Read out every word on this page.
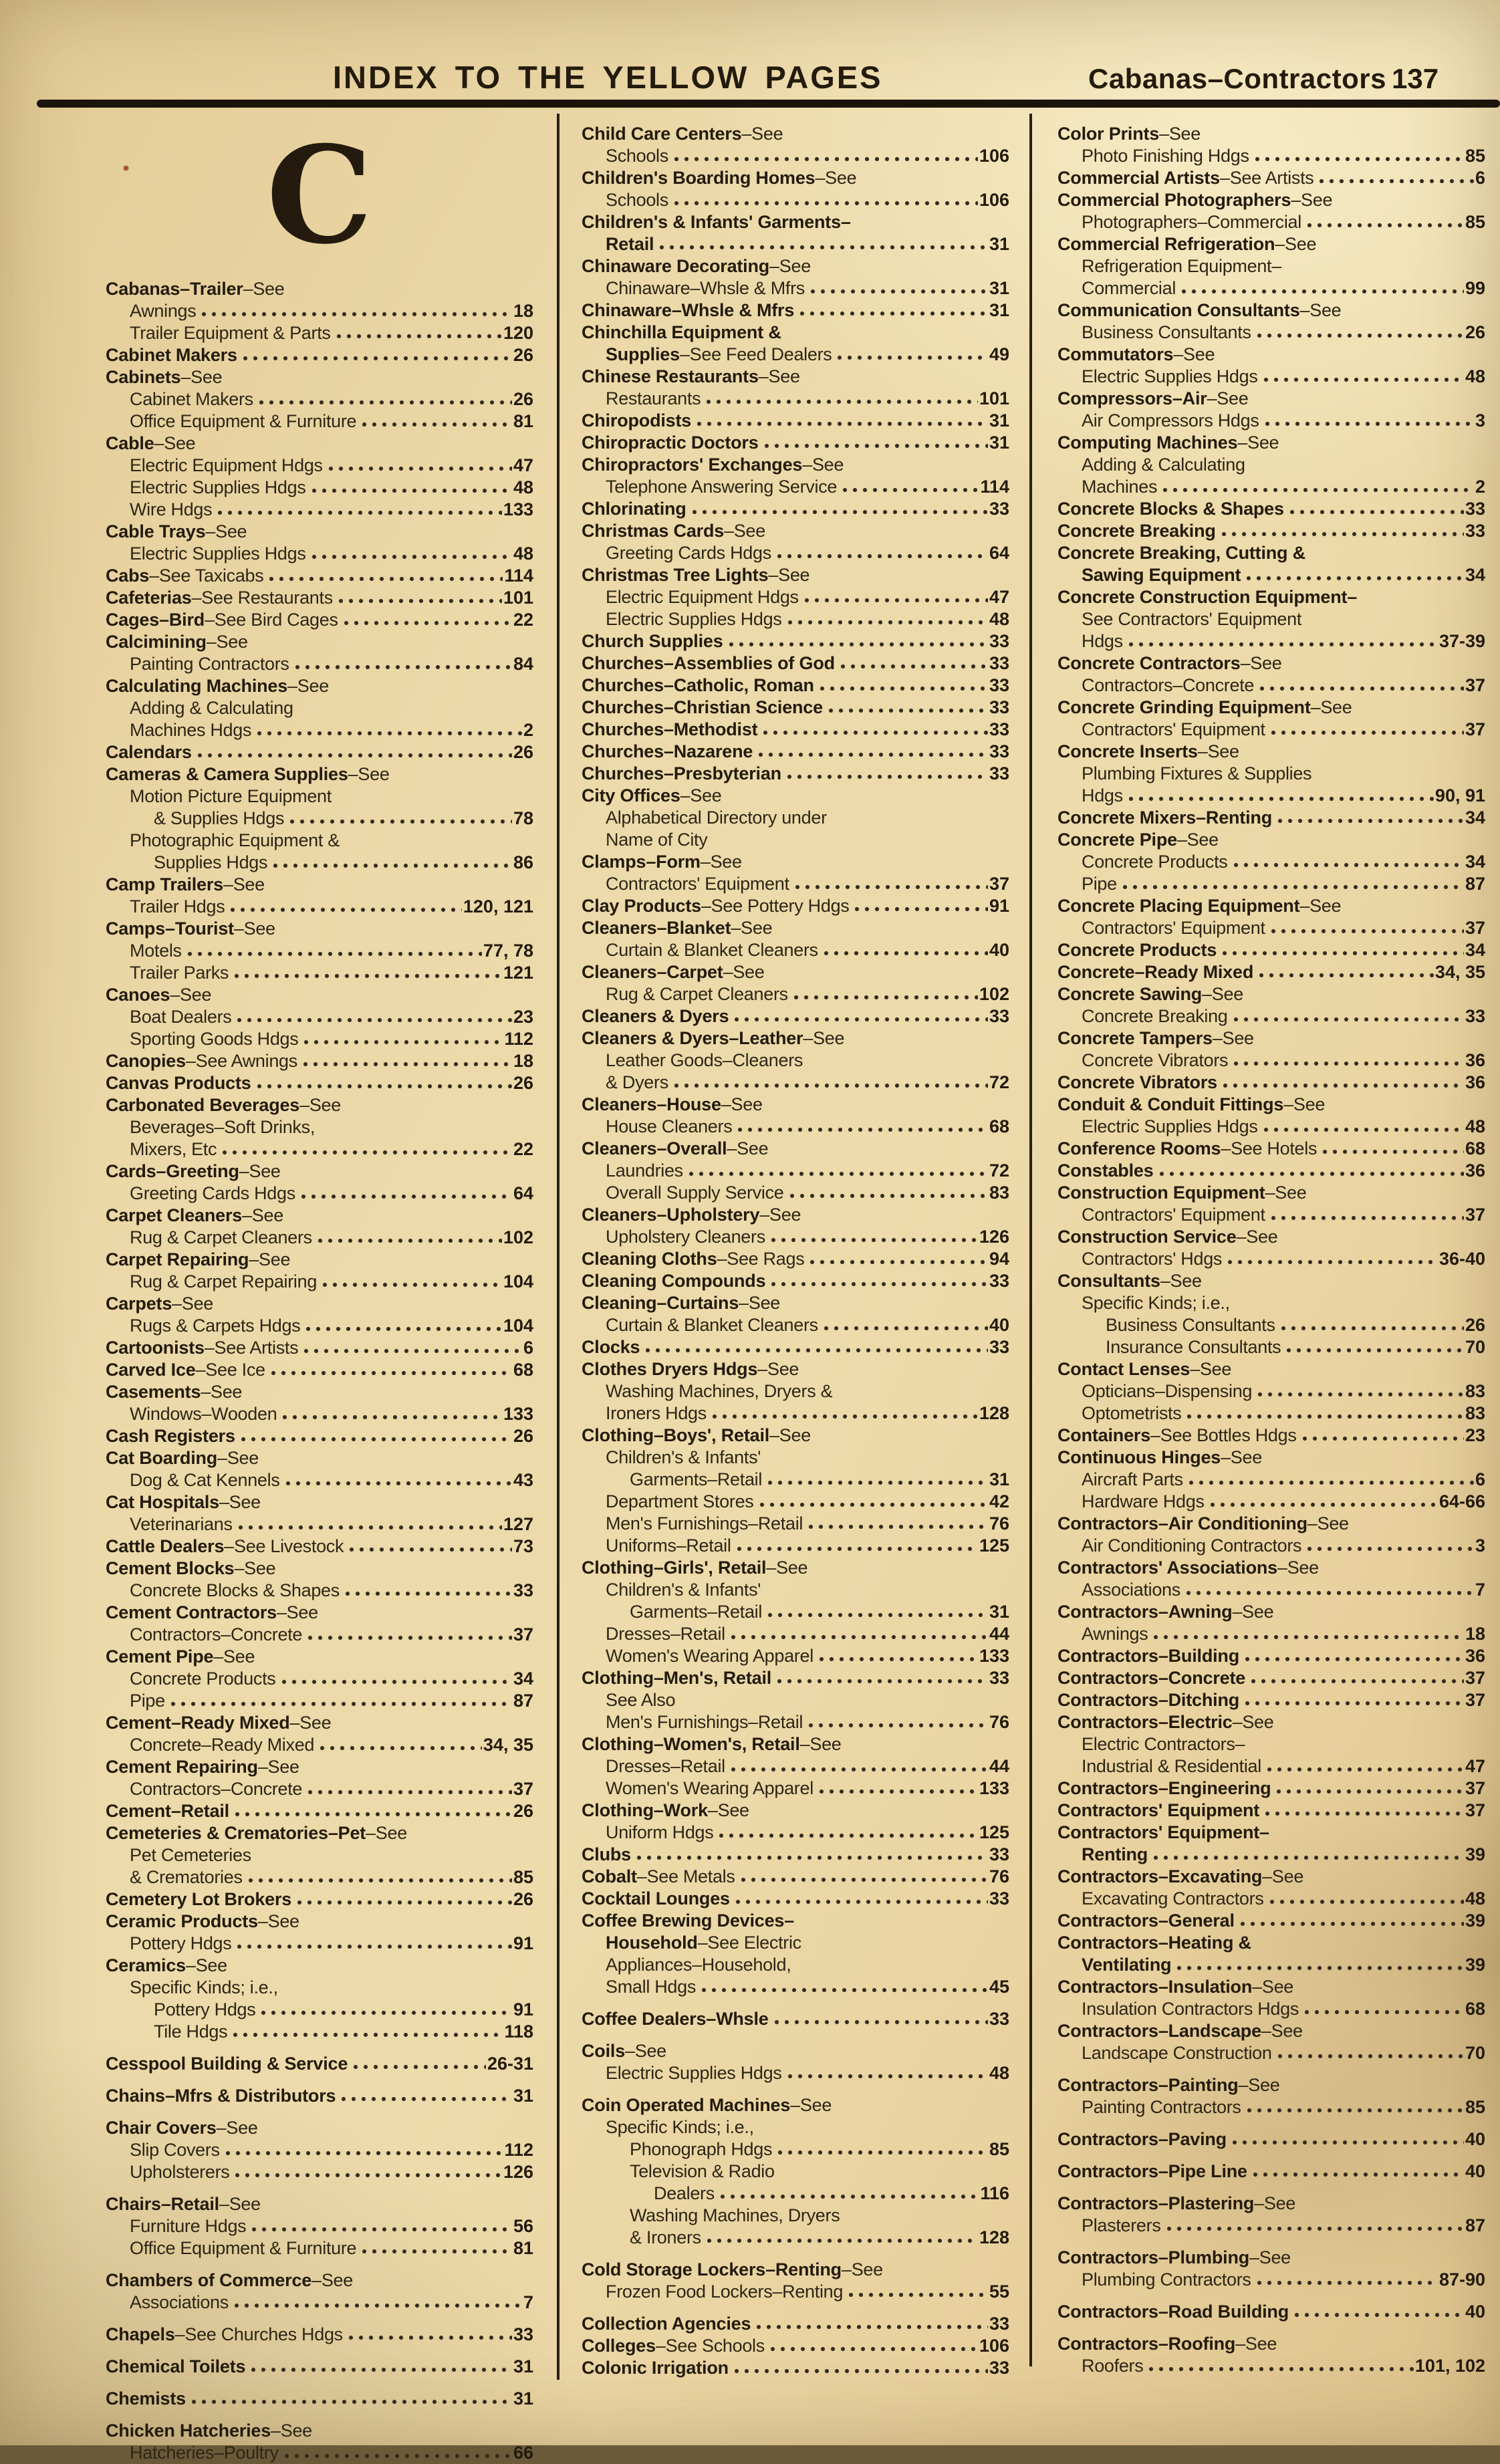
INDEX TO THE YELLOW PAGES	Cabanas–Contractors 137
C
Cabanas–Trailer–See
Awnings	18
Trailer Equipment & Parts	120
Cabinet Makers	26
Cabinets–See
Cabinet Makers	26
Office Equipment & Furniture	81
Cable–See
Electric Equipment Hdgs	47
Electric Supplies Hdgs	48
Wire Hdgs	133
Cable Trays–See
Electric Supplies Hdgs	48
Cabs–See Taxicabs	114
Cafeterias–See Restaurants	101
Cages–Bird–See Bird Cages	22
Calcimining–See
Painting Contractors	84
Calculating Machines–See
Adding & Calculating
Machines Hdgs	2
Calendars	26
Cameras & Camera Supplies–See
Motion Picture Equipment
& Supplies Hdgs	78
Photographic Equipment &
Supplies Hdgs	86
Camp Trailers–See
Trailer Hdgs	120, 121
Camps–Tourist–See
Motels	77, 78
Trailer Parks	121
Canoes–See
Boat Dealers	23
Sporting Goods Hdgs	112
Canopies–See Awnings	18
Canvas Products	26
Carbonated Beverages–See
Beverages–Soft Drinks,
Mixers, Etc	22
Cards–Greeting–See
Greeting Cards Hdgs	64
Carpet Cleaners–See
Rug & Carpet Cleaners	102
Carpet Repairing–See
Rug & Carpet Repairing	104
Carpets–See
Rugs & Carpets Hdgs	104
Cartoonists–See Artists	6
Carved Ice–See Ice	68
Casements–See
Windows–Wooden	133
Cash Registers	26
Cat Boarding–See
Dog & Cat Kennels	43
Cat Hospitals–See
Veterinarians	127
Cattle Dealers–See Livestock	73
Cement Blocks–See
Concrete Blocks & Shapes	33
Cement Contractors–See
Contractors–Concrete	37
Cement Pipe–See
Concrete Products	34
Pipe	87
Cement–Ready Mixed–See
Concrete–Ready Mixed	34, 35
Cement Repairing–See
Contractors–Concrete	37
Cement–Retail	26
Cemeteries & Crematories–Pet–See
Pet Cemeteries
& Crematories	85
Cemetery Lot Brokers	26
Ceramic Products–See
Pottery Hdgs	91
Ceramics–See
Specific Kinds; i.e.,
Pottery Hdgs	91
Tile Hdgs	118
Cesspool Building & Service	26-31
Chains–Mfrs & Distributors	31
Chair Covers–See
Slip Covers	112
Upholsterers	126
Chairs–Retail–See
Furniture Hdgs	56
Office Equipment & Furniture	81
Chambers of Commerce–See
Associations	7
Chapels–See Churches Hdgs	33
Chemical Toilets	31
Chemists	31
Chicken Hatcheries–See
Hatcheries–Poultry	66
Child Care Centers–See
Schools	106
Children's Boarding Homes–See
Schools	106
Children's & Infants' Garments–
Retail	31
Chinaware Decorating–See
Chinaware–Whsle & Mfrs	31
Chinaware–Whsle & Mfrs	31
Chinchilla Equipment &
Supplies–See Feed Dealers	49
Chinese Restaurants–See
Restaurants	101
Chiropodists	31
Chiropractic Doctors	31
Chiropractors' Exchanges–See
Telephone Answering Service	114
Chlorinating	33
Christmas Cards–See
Greeting Cards Hdgs	64
Christmas Tree Lights–See
Electric Equipment Hdgs	47
Electric Supplies Hdgs	48
Church Supplies	33
Churches–Assemblies of God	33
Churches–Catholic, Roman	33
Churches–Christian Science	33
Churches–Methodist	33
Churches–Nazarene	33
Churches–Presbyterian	33
City Offices–See
Alphabetical Directory under
Name of City
Clamps–Form–See
Contractors' Equipment	37
Clay Products–See Pottery Hdgs	91
Cleaners–Blanket–See
Curtain & Blanket Cleaners	40
Cleaners–Carpet–See
Rug & Carpet Cleaners	102
Cleaners & Dyers	33
Cleaners & Dyers–Leather–See
Leather Goods–Cleaners
& Dyers	72
Cleaners–House–See
House Cleaners	68
Cleaners–Overall–See
Laundries	72
Overall Supply Service	83
Cleaners–Upholstery–See
Upholstery Cleaners	126
Cleaning Cloths–See Rags	94
Cleaning Compounds	33
Cleaning–Curtains–See
Curtain & Blanket Cleaners	40
Clocks	33
Clothes Dryers Hdgs–See
Washing Machines, Dryers &
Ironers Hdgs	128
Clothing–Boys', Retail–See
Children's & Infants'
Garments–Retail	31
Department Stores	42
Men's Furnishings–Retail	76
Uniforms–Retail	125
Clothing–Girls', Retail–See
Children's & Infants'
Garments–Retail	31
Dresses–Retail	44
Women's Wearing Apparel	133
Clothing–Men's, Retail	33
See Also
Men's Furnishings–Retail	76
Clothing–Women's, Retail–See
Dresses–Retail	44
Women's Wearing Apparel	133
Clothing–Work–See
Uniform Hdgs	125
Clubs	33
Cobalt–See Metals	76
Cocktail Lounges	33
Coffee Brewing Devices–
Household–See Electric
Appliances–Household,
Small Hdgs	45
Coffee Dealers–Whsle	33
Coils–See
Electric Supplies Hdgs	48
Coin Operated Machines–See
Specific Kinds; i.e.,
Phonograph Hdgs	85
Television & Radio
Dealers	116
Washing Machines, Dryers
& Ironers	128
Cold Storage Lockers–Renting–See
Frozen Food Lockers–Renting	55
Collection Agencies	33
Colleges–See Schools	106
Colonic Irrigation	33
Color Prints–See
Photo Finishing Hdgs	85
Commercial Artists–See Artists	6
Commercial Photographers–See
Photographers–Commercial	85
Commercial Refrigeration–See
Refrigeration Equipment–
Commercial	99
Communication Consultants–See
Business Consultants	26
Commutators–See
Electric Supplies Hdgs	48
Compressors–Air–See
Air Compressors Hdgs	3
Computing Machines–See
Adding & Calculating
Machines	2
Concrete Blocks & Shapes	33
Concrete Breaking	33
Concrete Breaking, Cutting &
Sawing Equipment	34
Concrete Construction Equipment–
See Contractors' Equipment
Hdgs	37-39
Concrete Contractors–See
Contractors–Concrete	37
Concrete Grinding Equipment–See
Contractors' Equipment	37
Concrete Inserts–See
Plumbing Fixtures & Supplies
Hdgs	90, 91
Concrete Mixers–Renting	34
Concrete Pipe–See
Concrete Products	34
Pipe	87
Concrete Placing Equipment–See
Contractors' Equipment	37
Concrete Products	34
Concrete–Ready Mixed	34, 35
Concrete Sawing–See
Concrete Breaking	33
Concrete Tampers–See
Concrete Vibrators	36
Concrete Vibrators	36
Conduit & Conduit Fittings–See
Electric Supplies Hdgs	48
Conference Rooms–See Hotels	68
Constables	36
Construction Equipment–See
Contractors' Equipment	37
Construction Service–See
Contractors' Hdgs	36-40
Consultants–See
Specific Kinds; i.e.,
Business Consultants	26
Insurance Consultants	70
Contact Lenses–See
Opticians–Dispensing	83
Optometrists	83
Containers–See Bottles Hdgs	23
Continuous Hinges–See
Aircraft Parts	6
Hardware Hdgs	64-66
Contractors–Air Conditioning–See
Air Conditioning Contractors	3
Contractors' Associations–See
Associations	7
Contractors–Awning–See
Awnings	18
Contractors–Building	36
Contractors–Concrete	37
Contractors–Ditching	37
Contractors–Electric–See
Electric Contractors–
Industrial & Residential	47
Contractors–Engineering	37
Contractors' Equipment	37
Contractors' Equipment–
Renting	39
Contractors–Excavating–See
Excavating Contractors	48
Contractors–General	39
Contractors–Heating &
Ventilating	39
Contractors–Insulation–See
Insulation Contractors Hdgs	68
Contractors–Landscape–See
Landscape Construction	70
Contractors–Painting–See
Painting Contractors	85
Contractors–Paving	40
Contractors–Pipe Line	40
Contractors–Plastering–See
Plasterers	87
Contractors–Plumbing–See
Plumbing Contractors	87-90
Contractors–Road Building	40
Contractors–Roofing–See
Roofers	101, 102
